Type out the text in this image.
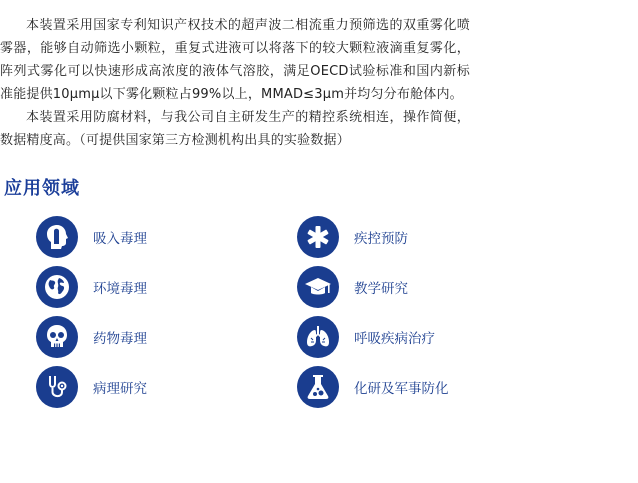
本装置采用国家专利知识产权技术的超声波二相流重力预筛选的双重雾化喷雾器，能够自动筛选小颗粒，重复式进液可以将落下的较大颗粒液滴重复雾化，阵列式雾化可以快速形成高浓度的液体气溶胶，满足OECD试验标准和国内新标准能提供10μmμ以下雾化颗粒占99%以上，MMAD≤3μm并均匀分布舱体内。

本装置采用防腐材料，与我公司自主研发生产的精控系统相连，操作简便，数据精度高。（可提供国家第三方检测机构出具的实验数据）

应用领域
吸入毒理	疾控预防
环境毒理	教学研究
药物毒理	呼吸疾病治疗
病理研究	化研及军事防化
